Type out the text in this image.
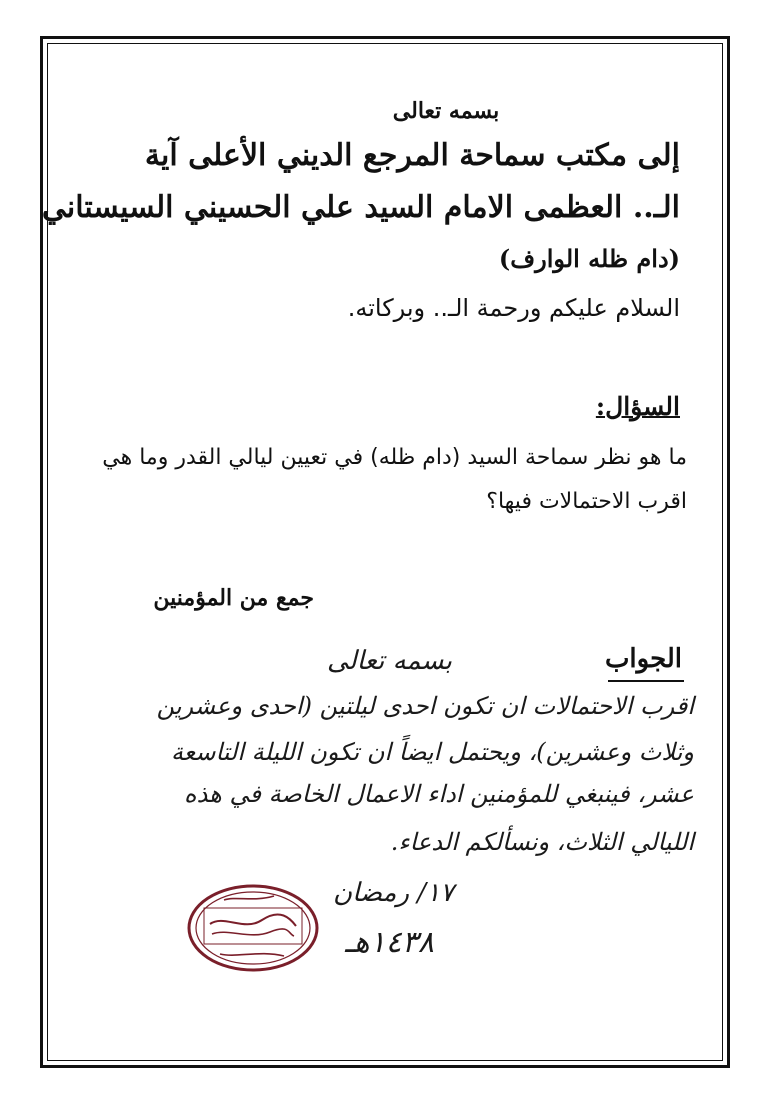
بسمه تعالى
إلى مكتب سماحة المرجع الديني الأعلى آية
الـ.. العظمى الامام السيد علي الحسيني السيستاني
(دام ظله الوارف)
السلام عليكم ورحمة الـ.. وبركاته.
السؤال:
ما هو نظر سماحة السيد (دام ظله) في تعيين ليالي القدر وما هي اقرب الاحتمالات فيها؟
جمع من المؤمنين
الجواب
بسمه تعالى
اقرب الاحتمالات ان تكون احدى ليلتين (احدى وعشرين
وثلاث وعشرين)، ويحتمل ايضاً ان تكون الليلة التاسعة
عشر، فينبغي للمؤمنين اداء الاعمال الخاصة في هذه
الليالي الثلاث، ونسألكم الدعاء.
١٧/ رمضان
١٤٣٨هـ
